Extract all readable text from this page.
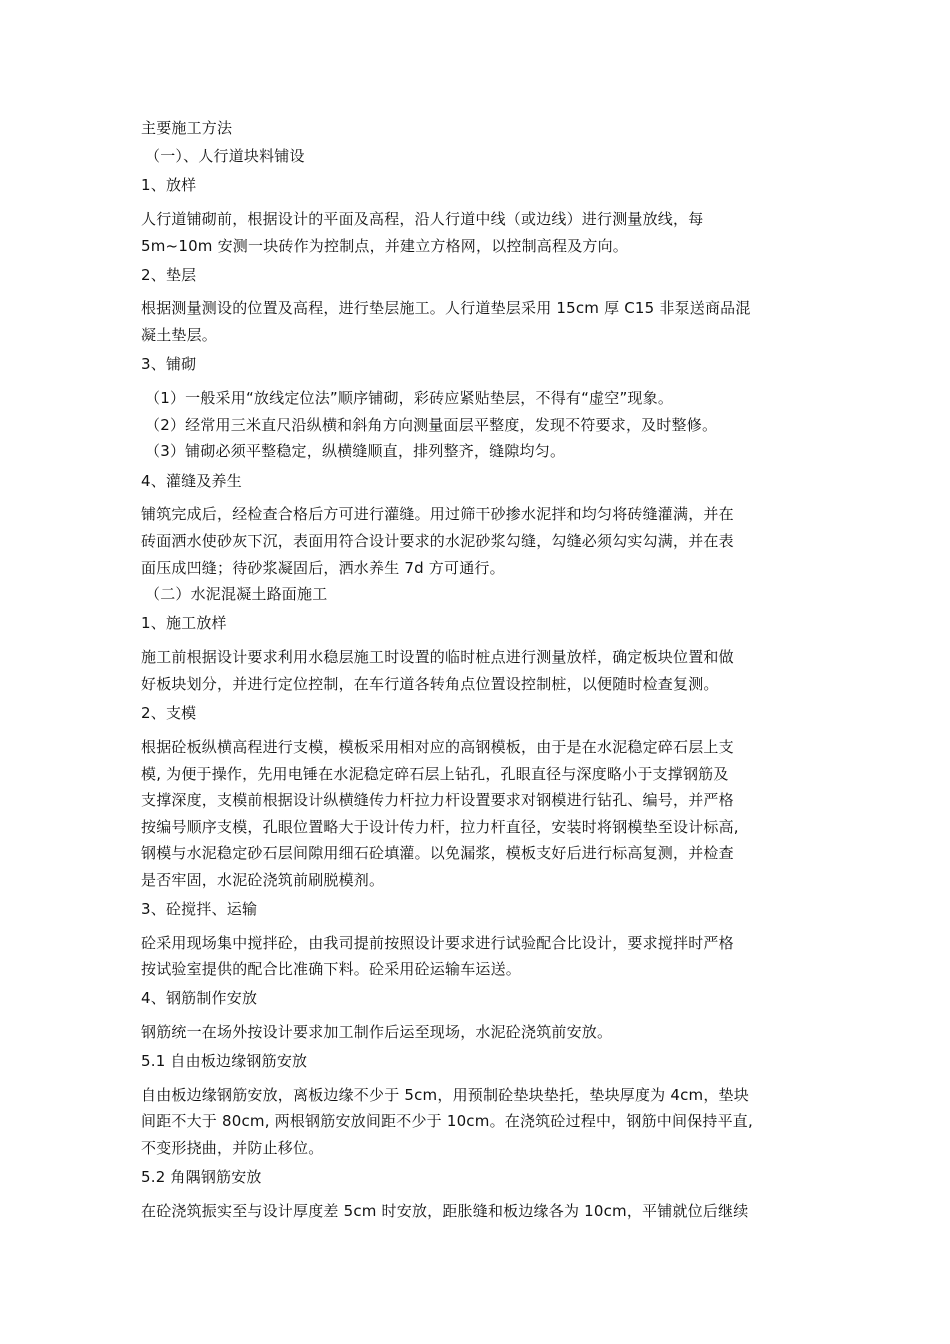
主要施工方法
（一）、人行道块料铺设
1、放样
人行道铺砌前，根据设计的平面及高程，沿人行道中线（或边线）进行测量放线，每
5m~10m 安测一块砖作为控制点，并建立方格网，以控制高程及方向。
2、垫层
根据测量测设的位置及高程，进行垫层施工。人行道垫层采用 15cm 厚 C15 非泵送商品混
凝土垫层。
3、铺砌
（1）一般采用“放线定位法”顺序铺砌，彩砖应紧贴垫层，不得有“虚空”现象。
（2）经常用三米直尺沿纵横和斜角方向测量面层平整度，发现不符要求，及时整修。
（3）铺砌必须平整稳定，纵横缝顺直，排列整齐，缝隙均匀。
4、灌缝及养生
铺筑完成后，经检查合格后方可进行灌缝。用过筛干砂掺水泥拌和均匀将砖缝灌满，并在
砖面洒水使砂灰下沉，表面用符合设计要求的水泥砂浆勾缝，勾缝必须勾实勾满，并在表
面压成凹缝；待砂浆凝固后，洒水养生 7d 方可通行。
（二）水泥混凝土路面施工
1、施工放样
施工前根据设计要求利用水稳层施工时设置的临时桩点进行测量放样，确定板块位置和做
好板块划分，并进行定位控制，在车行道各转角点位置设控制桩，以便随时检查复测。
2、支模
根据砼板纵横高程进行支模，模板采用相对应的高钢模板，由于是在水泥稳定碎石层上支
模, 为便于操作，先用电锤在水泥稳定碎石层上钻孔，孔眼直径与深度略小于支撑钢筋及
支撑深度，支模前根据设计纵横缝传力杆拉力杆设置要求对钢模进行钻孔、编号，并严格
按编号顺序支模，孔眼位置略大于设计传力杆，拉力杆直径，安装时将钢模垫至设计标高,
钢模与水泥稳定砂石层间隙用细石砼填灌。以免漏浆，模板支好后进行标高复测，并检查
是否牢固，水泥砼浇筑前刷脱模剂。
3、砼搅拌、运输
砼采用现场集中搅拌砼，由我司提前按照设计要求进行试验配合比设计，要求搅拌时严格
按试验室提供的配合比准确下料。砼采用砼运输车运送。
4、钢筋制作安放
钢筋统一在场外按设计要求加工制作后运至现场，水泥砼浇筑前安放。
5.1 自由板边缘钢筋安放
自由板边缘钢筋安放，离板边缘不少于 5cm，用预制砼垫块垫托，垫块厚度为 4cm，垫块
间距不大于 80cm, 两根钢筋安放间距不少于 10cm。在浇筑砼过程中，钢筋中间保持平直,
不变形挠曲，并防止移位。
5.2 角隅钢筋安放
在砼浇筑振实至与设计厚度差 5cm 时安放，距胀缝和板边缘各为 10cm，平铺就位后继续
